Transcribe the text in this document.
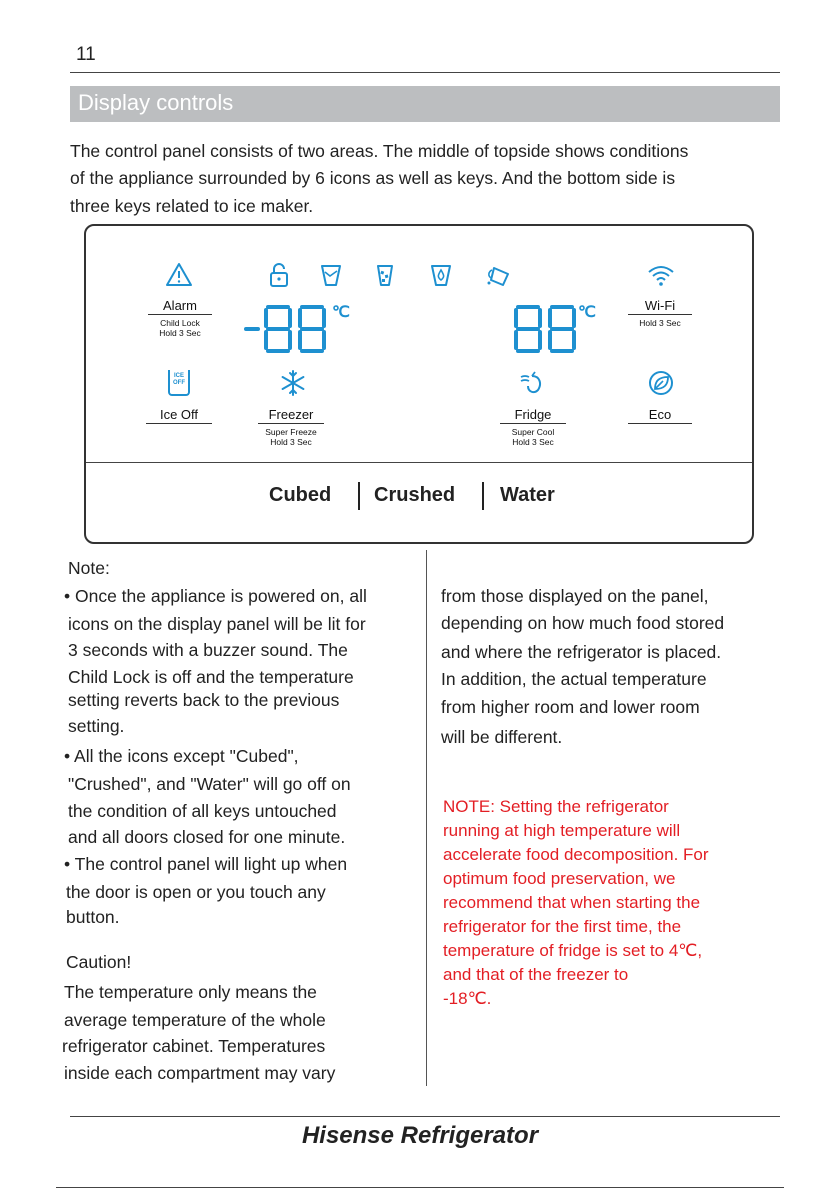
11
Display controls
The control panel consists of two areas. The middle of topside shows conditions
of the appliance surrounded by 6 icons as well as keys. And the bottom side is
three keys related to ice maker.
Alarm
Child Lock
Hold 3 Sec
℃	℃	Wi-Fi
Hold 3 Sec
ICE OFF
Ice Off	Freezer
Super Freeze
Hold 3 Sec
Fridge
Super Cool
Hold 3 Sec
Eco
Cubed Crushed Water
Note:
• Once the appliance is powered on, all
icons on the display panel will be lit for
3 seconds with a buzzer sound. The
Child Lock is off and the temperature
setting reverts back to the previous
setting.
• All the icons except "Cubed",
"Crushed", and "Water" will go off on
the condition of all keys untouched
and all doors closed for one minute.
• The control panel will light up when
the door is open or you touch any
button.
Caution!
The temperature only means the
average temperature of the whole
refrigerator cabinet. Temperatures
inside each compartment may vary
from those displayed on the panel,
depending on how much food stored
and where the refrigerator is placed.
In addition, the actual temperature
from higher room and lower room
will be different.
NOTE: Setting the refrigerator
running at high temperature will
accelerate food decomposition. For
optimum food preservation, we
recommend that when starting the
refrigerator for the first time, the
temperature of fridge is set to 4℃,
and that of the freezer to
-18℃.
Hisense Refrigerator
